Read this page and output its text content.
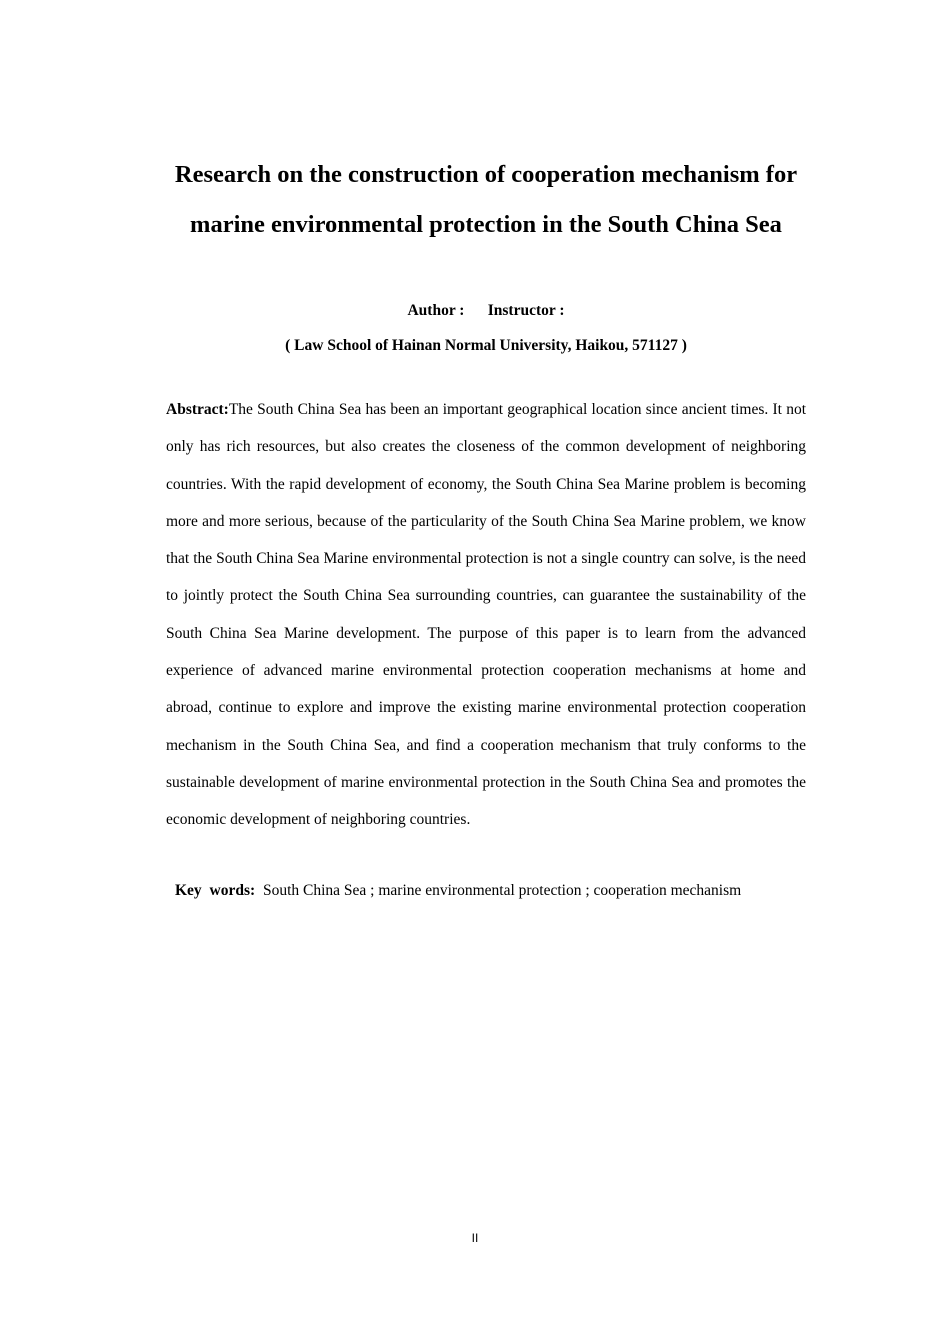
Research on the construction of cooperation mechanism for marine environmental protection in the South China Sea
Author : Instructor :
( Law School of Hainan Normal University, Haikou, 571127 )

Abstract:The South China Sea has been an important geographical location since ancient times. It not only has rich resources, but also creates the closeness of the common development of neighboring countries. With the rapid development of economy, the South China Sea Marine problem is becoming more and more serious, because of the particularity of the South China Sea Marine problem, we know that the South China Sea Marine environmental protection is not a single country can solve, is the need to jointly protect the South China Sea surrounding countries, can guarantee the sustainability of the South China Sea Marine development. The purpose of this paper is to learn from the advanced experience of advanced marine environmental protection cooperation mechanisms at home and abroad, continue to explore and improve the existing marine environmental protection cooperation mechanism in the South China Sea, and find a cooperation mechanism that truly conforms to the sustainable development of marine environmental protection in the South China Sea and promotes the economic development of neighboring countries.

Key words: South China Sea ; marine environmental protection ; cooperation mechanism
II
